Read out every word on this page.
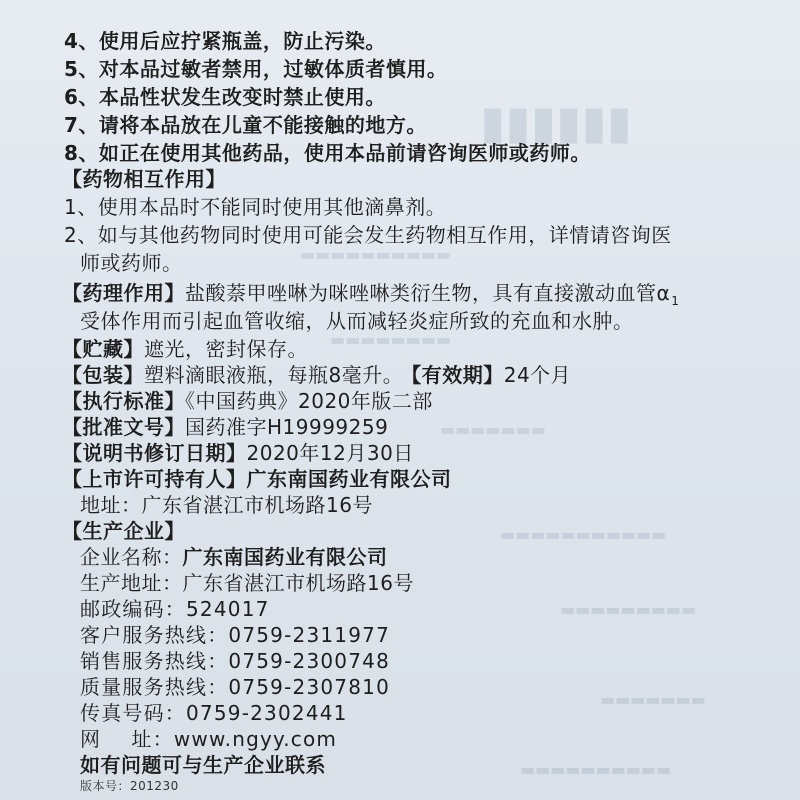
▮▮▮▮▮▮
▬▬▬▬▬▬▬▬▬▬
▬▬▬▬▬▬▬▬
▬▬▬▬▬▬▬
▬▬▬▬▬▬▬▬▬▬▬
▬▬▬▬▬▬▬▬▬
▬▬▬▬▬▬▬
▬▬▬▬▬▬▬▬▬▬
4、使用后应拧紧瓶盖，防止污染。
5、对本品过敏者禁用，过敏体质者慎用。
6、本品性状发生改变时禁止使用。
7、请将本品放在儿童不能接触的地方。
8、如正在使用其他药品，使用本品前请咨询医师或药师。
【药物相互作用】
1、使用本品时不能同时使用其他滴鼻剂。
2、如与其他药物同时使用可能会发生药物相互作用，详情请咨询医
师或药师。
【药理作用】盐酸萘甲唑啉为咪唑啉类衍生物，具有直接激动血管$\alpha_1$
受体作用而引起血管收缩，从而减轻炎症所致的充血和水肿。
【贮藏】遮光，密封保存。
【包装】塑料滴眼液瓶，每瓶8毫升。 【有效期】24个月
【执行标准】《中国药典》2020年版二部
【批准文号】国药准字H19999259
【说明书修订日期】2020年12月30日
【上市许可持有人】广东南国药业有限公司
地址：广东省湛江市机场路16号
【生产企业】
企业名称：广东南国药业有限公司
生产地址：广东省湛江市机场路16号
邮政编码：524017
客户服务热线：0759-2311977
销售服务热线：0759-2300748
质量服务热线：0759-2307810
传真号码：0759-2302441
网    址：www.ngyy.com
如有问题可与生产企业联系
版本号：201230
